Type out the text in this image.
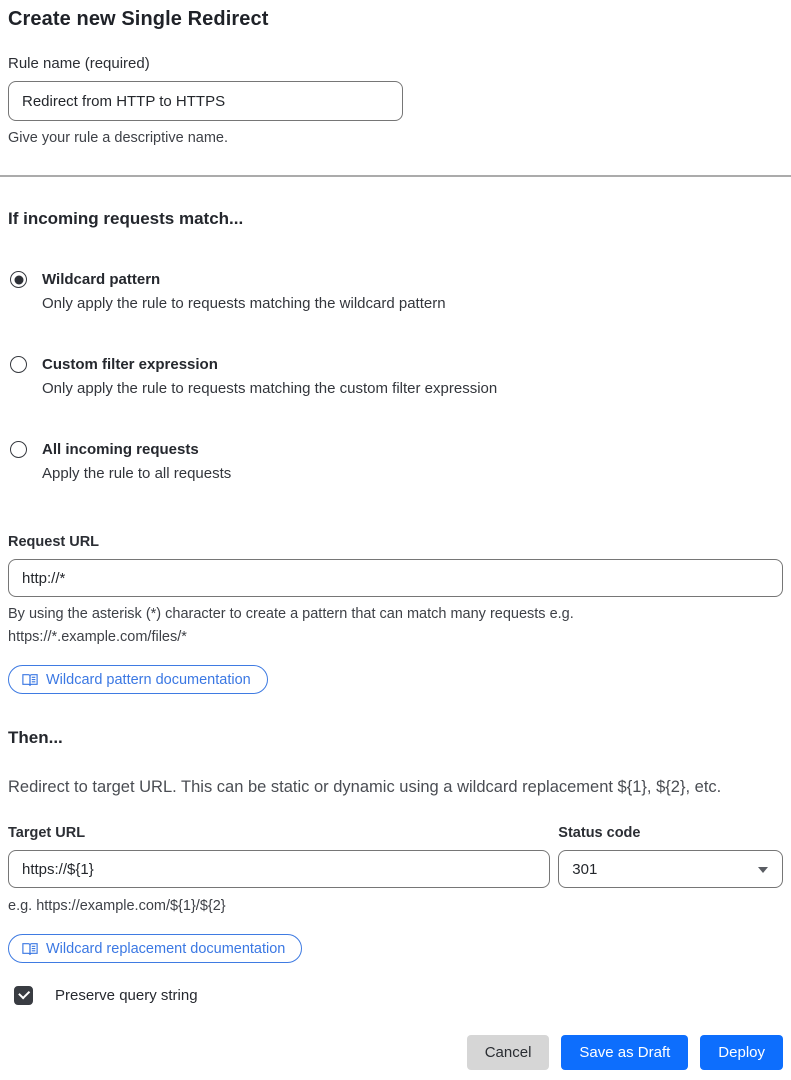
Create new Single Redirect
Rule name (required)
Redirect from HTTP to HTTPS
Give your rule a descriptive name.
If incoming requests match...
Wildcard pattern
Only apply the rule to requests matching the wildcard pattern
Custom filter expression
Only apply the rule to requests matching the custom filter expression
All incoming requests
Apply the rule to all requests
Request URL
http://*
By using the asterisk (*) character to create a pattern that can match many requests e.g.
https://*.example.com/files/*
Wildcard pattern documentation
Then...

Redirect to target URL. This can be static or dynamic using a wildcard replacement ${1}, ${2}, etc.

Target URL
https://${1}
e.g. https://example.com/${1}/${2}
Wildcard replacement documentation
Status code
301
Preserve query string
Cancel	Save as Draft	Deploy
